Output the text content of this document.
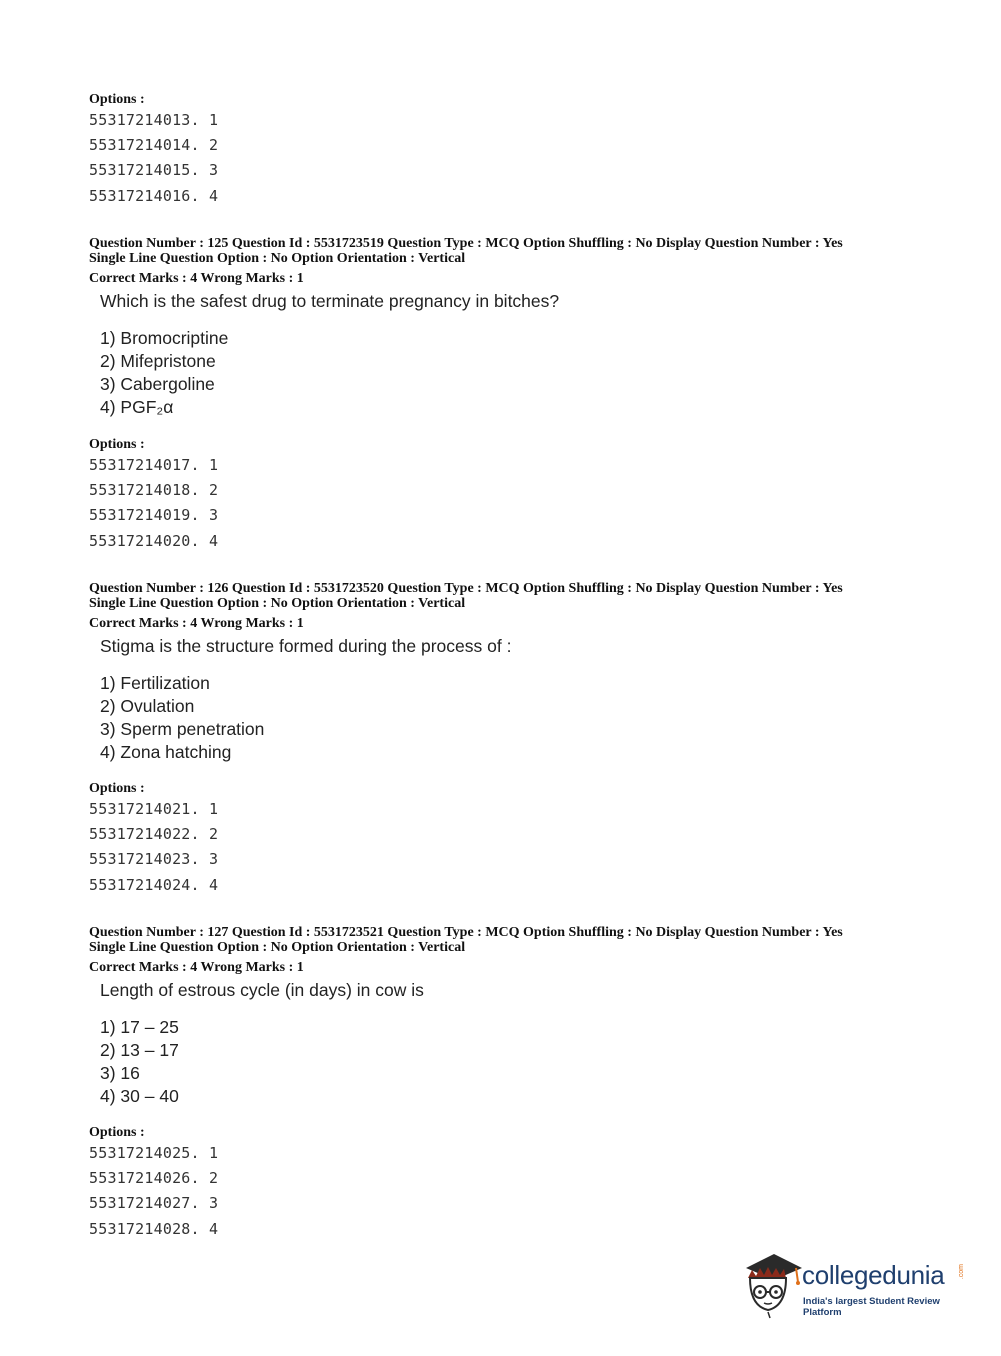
Options :
55317214013. 1
55317214014. 2
55317214015. 3
55317214016. 4
Question Number : 125 Question Id : 5531723519 Question Type : MCQ Option Shuffling : No Display Question Number : Yes
Single Line Question Option : No Option Orientation : Vertical
Correct Marks : 4 Wrong Marks : 1
Which is the safest drug to terminate pregnancy in bitches?
1) Bromocriptine
2) Mifepristone
3) Cabergoline
4) PGF₂α
Options :
55317214017. 1
55317214018. 2
55317214019. 3
55317214020. 4
Question Number : 126 Question Id : 5531723520 Question Type : MCQ Option Shuffling : No Display Question Number : Yes
Single Line Question Option : No Option Orientation : Vertical
Correct Marks : 4 Wrong Marks : 1
Stigma is the structure formed during the process of :
1) Fertilization
2) Ovulation
3) Sperm penetration
4) Zona hatching
Options :
55317214021. 1
55317214022. 2
55317214023. 3
55317214024. 4
Question Number : 127 Question Id : 5531723521 Question Type : MCQ Option Shuffling : No Display Question Number : Yes
Single Line Question Option : No Option Orientation : Vertical
Correct Marks : 4 Wrong Marks : 1
Length of estrous cycle (in days) in cow is
1) 17 – 25
2) 13 – 17
3) 16
4) 30 – 40
Options :
55317214025. 1
55317214026. 2
55317214027. 3
55317214028. 4
collegedunia .com
India's largest Student Review Platform
